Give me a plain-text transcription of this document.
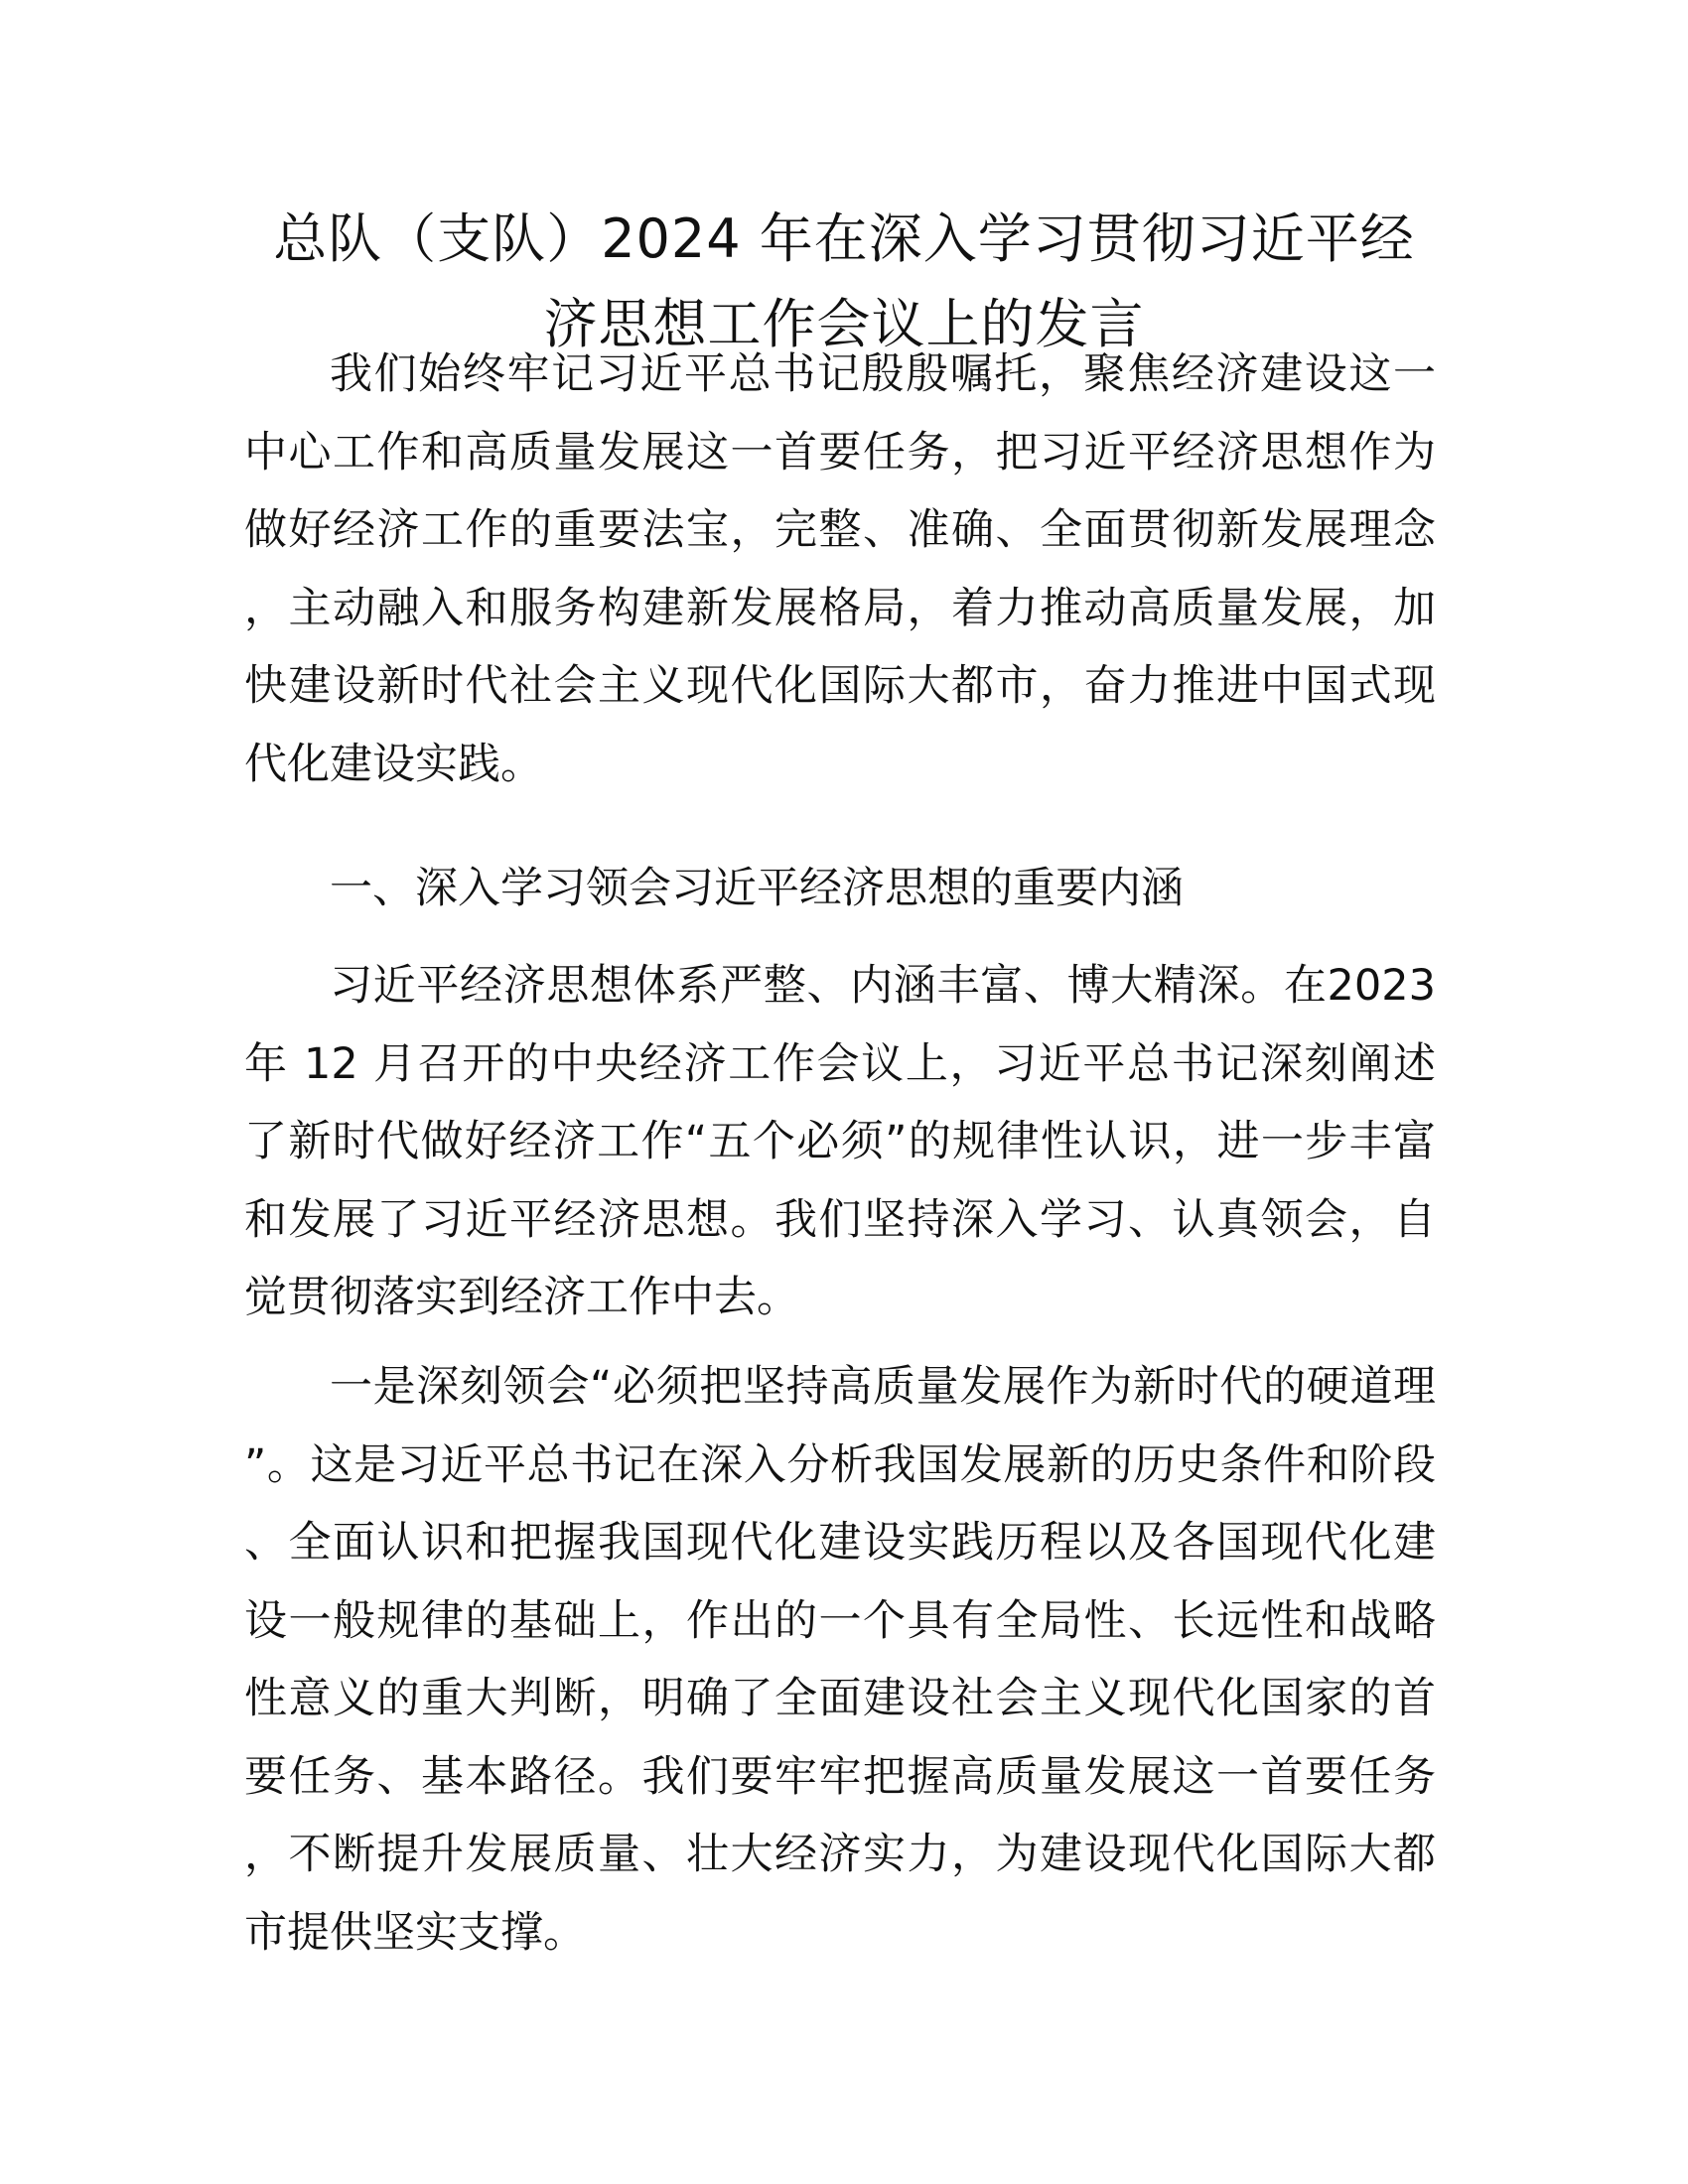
总队（支队）2024 年在深入学习贯彻习近平经
济思想工作会议上的发言

我们始终牢记习近平总书记殷殷嘱托，聚焦经济建设这一中心工作和高质量发展这一首要任务，把习近平经济思想作为做好经济工作的重要法宝，完整、准确、全面贯彻新发展理念，主动融入和服务构建新发展格局，着力推动高质量发展，加快建设新时代社会主义现代化国际大都市，奋力推进中国式现代化建设实践。

一、深入学习领会习近平经济思想的重要内涵

习近平经济思想体系严整、内涵丰富、博大精深。在2023 年 12 月召开的中央经济工作会议上，习近平总书记深刻阐述了新时代做好经济工作“五个必须”的规律性认识，进一步丰富和发展了习近平经济思想。我们坚持深入学习、认真领会，自觉贯彻落实到经济工作中去。

一是深刻领会“必须把坚持高质量发展作为新时代的硬道理”。这是习近平总书记在深入分析我国发展新的历史条件和阶段、全面认识和把握我国现代化建设实践历程以及各国现代化建设一般规律的基础上，作出的一个具有全局性、长远性和战略性意义的重大判断，明确了全面建设社会主义现代化国家的首要任务、基本路径。我们要牢牢把握高质量发展这一首要任务，不断提升发展质量、壮大经济实力，为建设现代化国际大都市提供坚实支撑。
